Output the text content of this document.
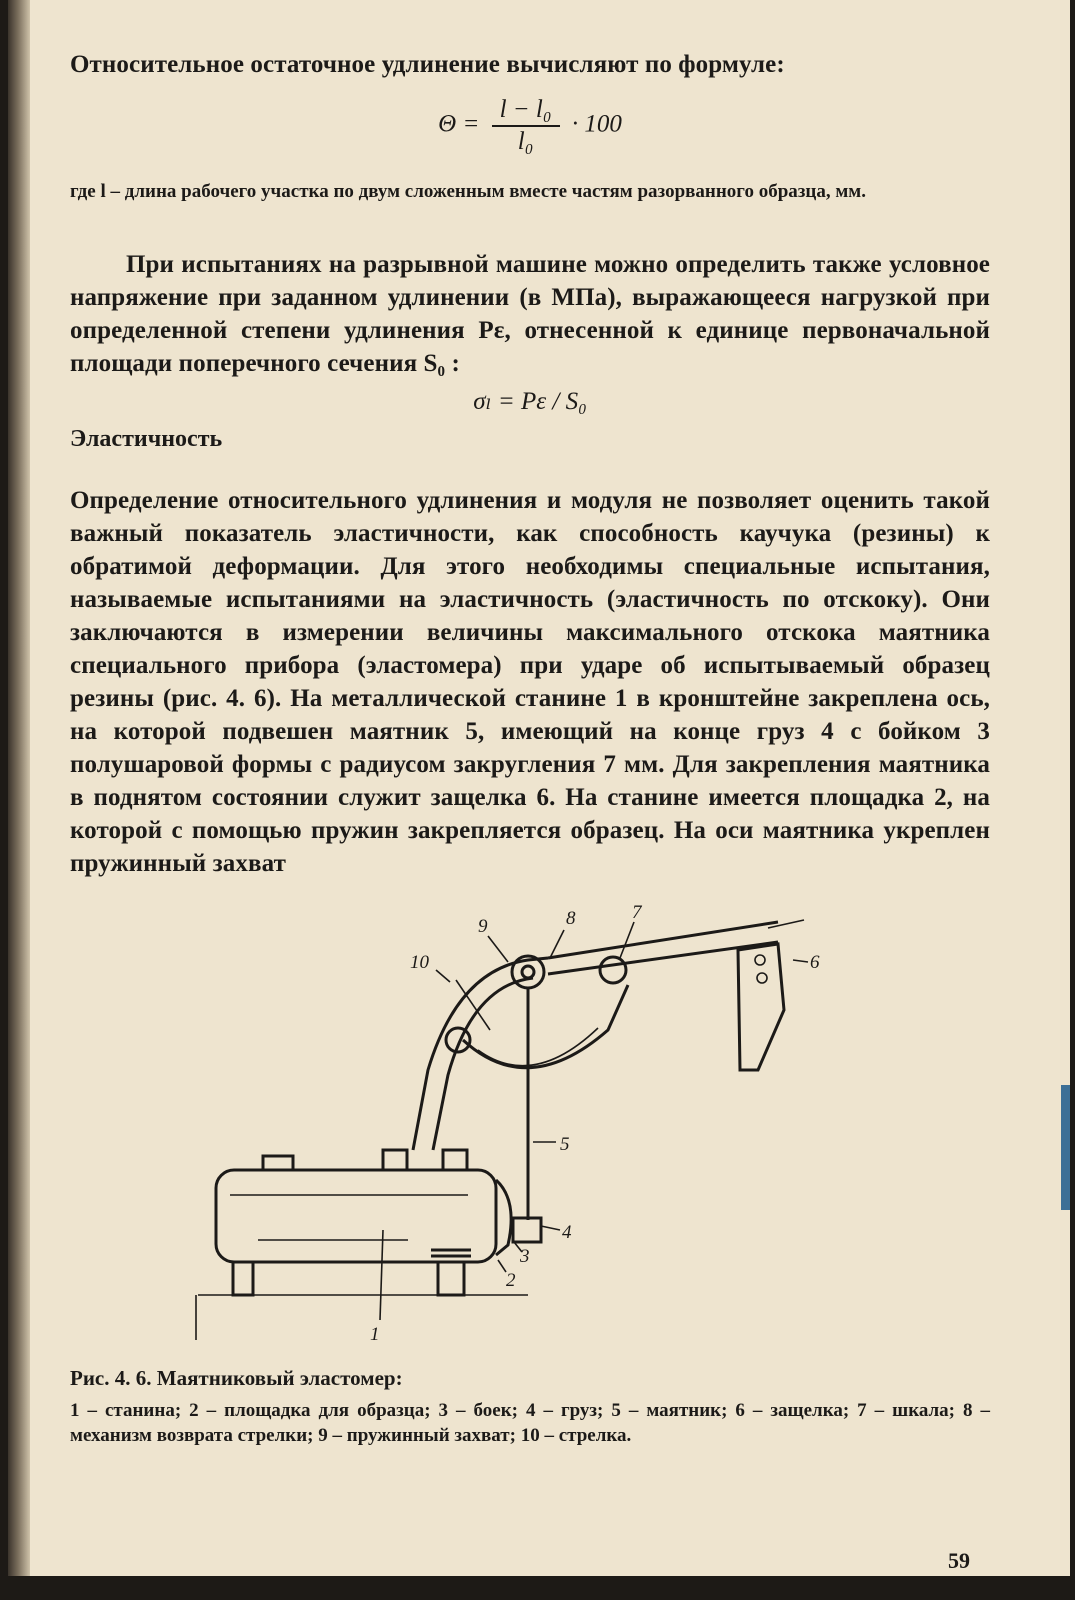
Относительное остаточное удлинение вычисляют по формуле:
$\Theta = \frac{\text{l − l₀}}{\text{l₀}} \cdot 100$
где l – длина рабочего участка по двум сложенным вместе частям разорванного образца, мм.
При испытаниях на разрывной машине можно определить также условное напряжение при заданном удлинении (в МПа), выражающееся нагрузкой при определенной степени удлинения Pε, отнесенной к единице первоначальной площади поперечного сечения S₀ :
σₗ = Pε / S₀
Эластичность
Определение относительного удлинения и модуля не позволяет оценить такой важный показатель эластичности, как способность каучука (резины) к обратимой деформации. Для этого необходимы специальные испытания, называемые испытаниями на эластичность (эластичность по отскоку). Они заключаются в измерении величины максимального отскока маятника специального прибора (эластомера) при ударе об испытываемый образец резины (рис. 4. 6). На металлической станине 1 в кронштейне закреплена ось, на которой подвешен маятник 5, имеющий на конце груз 4 с бойком 3 полушаровой формы с радиусом закругления 7 мм. Для закрепления маятника в поднятом состоянии служит защелка 6. На станине имеется площадка 2, на которой с помощью пружин закрепляется образец. На оси маятника укреплен пружинный захват
1
2
3
4
5
6
7
8
9
10
Рис. 4. 6. Маятниковый эластомер:
1 – станина; 2 – площадка для образца; 3 – боек; 4 – груз; 5 – маятник; 6 – защелка; 7 – шкала; 8 – механизм возврата стрелки; 9 – пружинный захват; 10 – стрелка.
59
